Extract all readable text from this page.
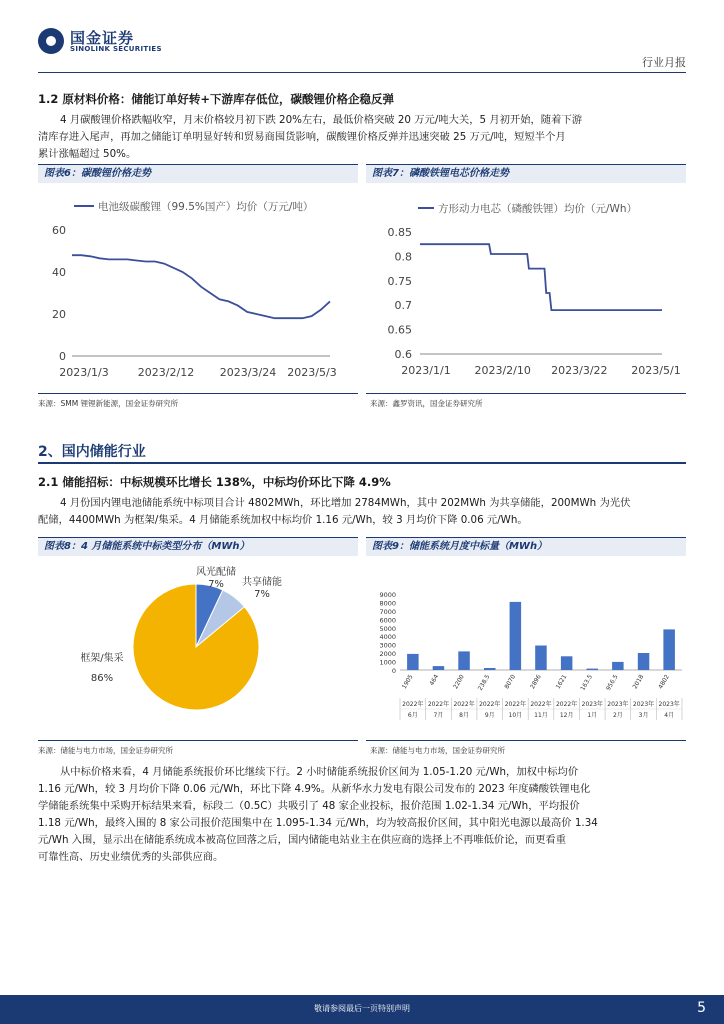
国金证券
SINOLINK SECURITIES
行业月报
1.2 原材料价格：储能订单好转+下游库存低位，碳酸锂价格企稳反弹
4 月碳酸锂价格跌幅收窄，月末价格较月初下跌 20%左右，最低价格突破 20 万元/吨大关，5 月初开始，随着下游
清库存进入尾声，再加之储能订单明显好转和贸易商囤货影响，碳酸锂价格反弹并迅速突破 25 万元/吨，短短半个月
累计涨幅超过 50%。
图表6：碳酸锂价格走势	图表7：磷酸铁锂电芯价格走势
电池级碳酸锂（99.5%国产）均价（万元/吨）
0
20
40
60
2023/1/3	2023/2/12 2023/3/24 2023/5/3
来源：SMM 锂锂新能源，国金证券研究所
方形动力电芯（磷酸铁锂）均价（元/Wh）
0.6
0.65
0.7
0.75
0.8
0.85
2023/1/1 2023/2/10 2023/3/22 2023/5/1
来源：鑫罗资讯，国金证券研究所
2、国内储能行业
2.1 储能招标：中标规模环比增长 138%，中标均价环比下降 4.9%
4 月份国内锂电池储能系统中标项目合计 4802MWh，环比增加 2784MWh，其中 202MWh 为共享储能，200MWh 为光伏
配储，4400MWh 为框架/集采。4 月储能系统加权中标均价 1.16 元/Wh，较 3 月均价下降 0.06 元/Wh。
图表8：4 月储能系统中标类型分布（MWh）	图表9：储能系统月度中标量（MWh）
风光配储
7% 共享储能
7%
框架/集采
86%
来源：储能与电力市场，国金证券研究所
0
1000
2000
3000
4000
5000
6000
7000
8000
9000
1905
2022年
6月
464
2022年
7月
2200
2022年
8月
238.5
2022年
9月
8070
2022年
10月
2896
2022年
11月
1621
2022年
12月
163.5
2023年
1月
956.5
2023年
2月
2018
2023年
3月
4802
2023年
4月
来源：储能与电力市场，国金证券研究所
从中标价格来看，4 月储能系统报价环比继续下行。2 小时储能系统报价区间为 1.05-1.20 元/Wh，加权中标均价
1.16 元/Wh，较 3 月均价下降 0.06 元/Wh，环比下降 4.9%。从新华水力发电有限公司发布的 2023 年度磷酸铁锂电化
学储能系统集中采购开标结果来看，标段二（0.5C）共吸引了 48 家企业投标，报价范围 1.02-1.34 元/Wh，平均报价
1.18 元/Wh，最终入围的 8 家公司报价范围集中在 1.095-1.34 元/Wh，均为较高报价区间，其中阳光电源以最高价 1.34
元/Wh 入围，显示出在储能系统成本被高位回落之后，国内储能电站业主在供应商的选择上不再唯低价论，而更看重
可靠性高、历史业绩优秀的头部供应商。
敬请参阅最后一页特别声明	5
